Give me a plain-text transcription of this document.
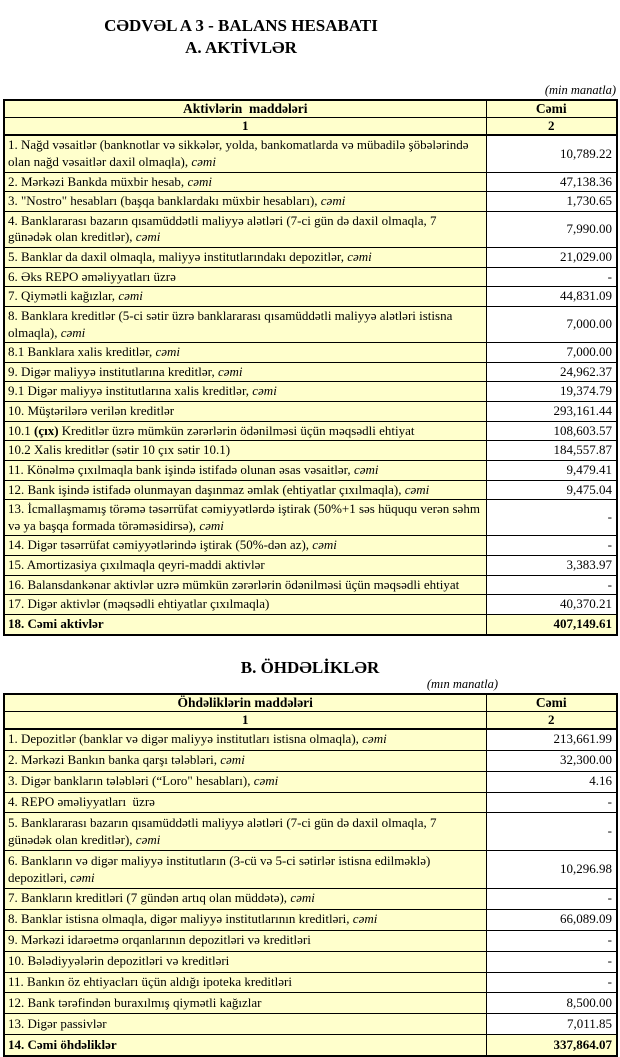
CƏDVƏL A 3 - BALANS HESABATI
A. AKTİVLƏR
(min manatla)
Aktivlərin  maddələri	Cəmi
1	2
1. Nağd vəsaitlər (banknotlar və sikkələr, yolda, bankomatlarda və mübadilə şöbələrində olan nağd vəsaitlər daxil olmaqla), cəmi	10,789.22
2. Mərkəzi Bankda müxbir hesab, cəmi	47,138.36
3. "Nostro" hesabları (başqa banklardakı müxbir hesabları), cəmi	1,730.65
4. Banklararası bazarın qısamüddətli maliyyə alətləri (7-ci gün də daxil olmaqla, 7 günədək olan kreditlər), cəmi	7,990.00
5. Banklar da daxil olmaqla, maliyyə institutlarındakı depozitlər, cəmi	21,029.00
6. Əks REPO əməliyyatları üzrə	-
7. Qiymətli kağızlar, cəmi	44,831.09
8. Banklara kreditlər (5-ci sətir üzrə banklararası qısamüddətli maliyyə alətləri istisna olmaqla), cəmi	7,000.00
8.1 Banklara xalis kreditlər, cəmi	7,000.00
9. Digər maliyyə institutlarına kreditlər, cəmi	24,962.37
9.1 Digər maliyyə institutlarına xalis kreditlər, cəmi	19,374.79
10. Müştərilərə verilən kreditlər	293,161.44
10.1 (çıx) Kreditlər üzrə mümkün zərərlərin ödənilməsi üçün məqsədli ehtiyat	108,603.57
10.2 Xalis kreditlər (sətir 10 çıx sətir 10.1)	184,557.87
11. Könəlmə çıxılmaqla bank işində istifadə olunan əsas vəsaitlər, cəmi	9,479.41
12. Bank işində istifadə olunmayan daşınmaz əmlak (ehtiyatlar çıxılmaqla), cəmi	9,475.04
13. İcmallaşmamış törəmə təsərrüfat cəmiyyətlərdə iştirak (50%+1 səs hüququ verən səhm və ya başqa formada törəməsidirsə), cəmi	-
14. Digər təsərrüfat cəmiyyətlərində iştirak (50%-dən az), cəmi	-
15. Amortizasiya çıxılmaqla qeyri-maddi aktivlər	3,383.97
16. Balansdankənar aktivlər uzrə mümkün zərərlərin ödənilməsi üçün məqsədli ehtiyat	-
17. Digər aktivlər (məqsədli ehtiyatlar çıxılmaqla)	40,370.21
18. Cəmi aktivlər	407,149.61
B. ÖHDƏLİKLƏR
(mın manatla)
Öhdəliklərin maddələri	Cəmi
1	2
1. Depozitlər (banklar və digər maliyyə institutları istisna olmaqla), cəmi	213,661.99
2. Mərkəzi Bankın banka qarşı tələbləri, cəmi	32,300.00
3. Digər bankların tələbləri (“Loro" hesabları), cəmi	4.16
4. REPO əməliyyatları  üzrə	-
5. Banklararası bazarın qısamüddətli maliyyə alətləri (7-ci gün də daxil olmaqla, 7 günədək olan kreditlər), cəmi	-
6. Bankların və digər maliyyə institutların (3-cü və 5-ci sətirlər istisna edilməklə) depozitləri, cəmi	10,296.98
7. Bankların kreditləri (7 gündən artıq olan müddətə), cəmi	-
8. Banklar istisna olmaqla, digər maliyyə institutlarının kreditləri, cəmi	66,089.09
9. Mərkəzi idarəetmə orqanlarının depozitləri və kreditləri	-
10. Bələdiyyələrin depozitləri və kreditləri	-
11. Bankın öz ehtiyacları üçün aldığı ipoteka kreditləri	-
12. Bank tərəfindən buraxılmış qiymətli kağızlar	8,500.00
13. Digər passivlər	7,011.85
14. Cəmi öhdəliklər	337,864.07
